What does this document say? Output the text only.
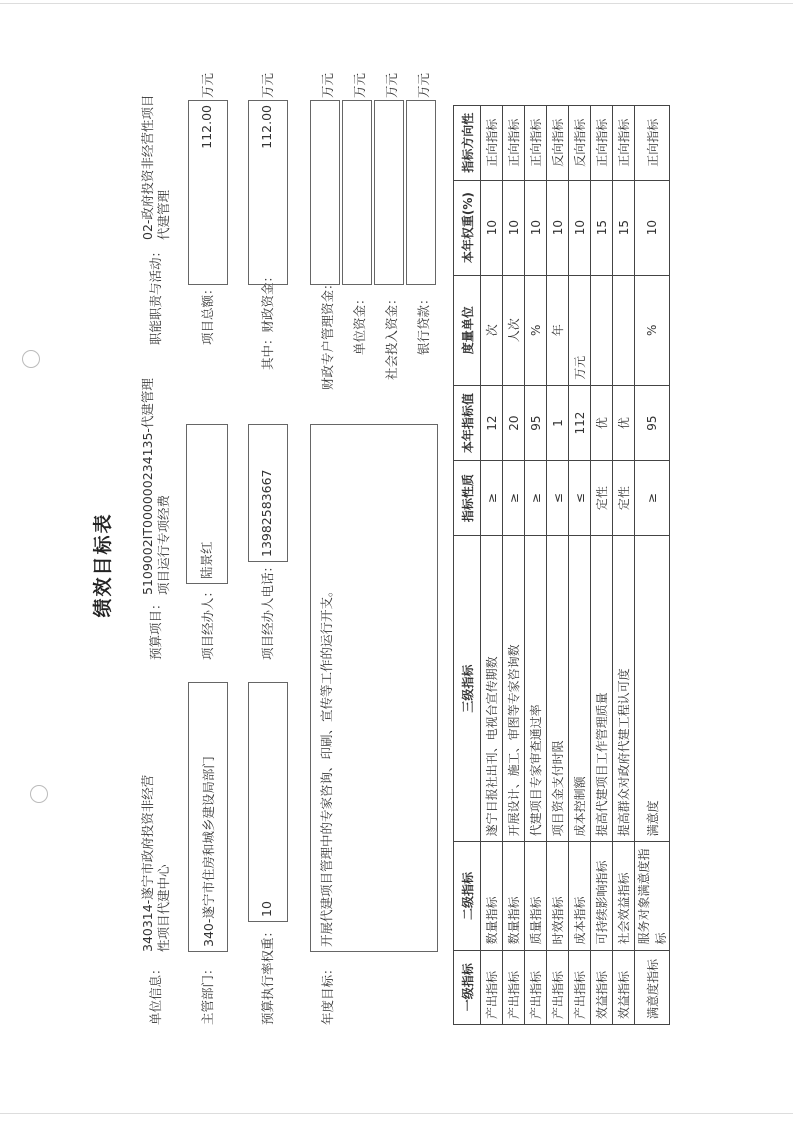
绩效目标表
单位信息：
340314-遂宁市政府投资非经营性项目代建中心
预算项目：
5109002IT000000234135-代建管理项目运行专项经费
职能职责与活动：
02-政府投资非经营性项目代建管理
主管部门：
340-遂宁市住房和城乡建设局部门
项目经办人：
陆景红
项目总额：
112.00
万元
预算执行率权重：
10
项目经办人电话：
13982583667
其中：财政资金：
112.00
万元
年度目标：
开展代建项目管理中的专家咨询、印刷、宣传等工作的运行开支。
财政专户管理资金：
万元
单位资金：
万元
社会投入资金：
万元
银行贷款：
万元
一级指标	二级指标	三级指标	指标性质	本年指标值	度量单位	本年权重(%)	指标方向性
产出指标	数量指标	遂宁日报社出刊、电视台宣传期数	≥	12	次	10	正向指标
产出指标	数量指标	开展设计、施工、审图等专家咨询数	≥	20	人次	10	正向指标
产出指标	质量指标	代建项目专家审查通过率	≥	95	%	10	正向指标
产出指标	时效指标	项目资金支付时限	≤	1	年	10	反向指标
产出指标	成本指标	成本控制额	≤	112	万元	10	反向指标
效益指标	可持续影响指标	提高代建项目工作管理质量	定性	优		15	正向指标
效益指标	社会效益指标	提高群众对政府代建工程认可度	定性	优		15	正向指标
满意度指标	服务对象满意度指标	满意度	≥	95	%	10	正向指标
